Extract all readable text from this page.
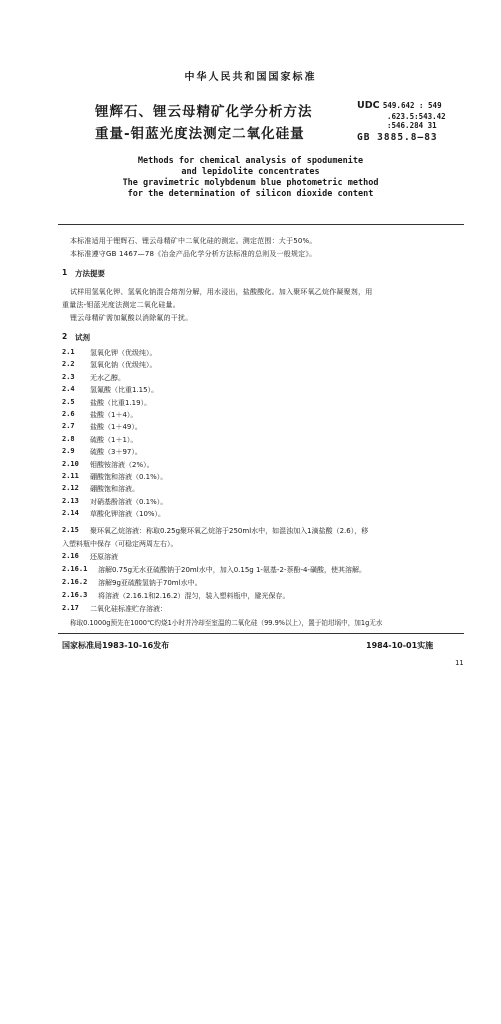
中华人民共和国国家标准
锂辉石、锂云母精矿化学分析方法
重量-钼蓝光度法测定二氧化硅量
UDC 549.642 : 549
.623.5:543.42
:546.284 31
GB 3885.8—83
Methods for chemical analysis of spodumenite
and lepidolite concentrates
The gravimetric molybdenum blue photometric method
for the determination of silicon dioxide content
本标准适用于锂辉石、锂云母精矿中二氧化硅的测定。测定范围：大于50%。
本标准遵守GB 1467—78《冶金产品化学分析方法标准的总则及一般规定》。
1 方法提要
试样用氢氧化钾、氢氧化钠混合熔剂分解，用水浸出，盐酸酸化。加入聚环氧乙烷作凝聚剂，用
重量法-钼蓝光度法测定二氧化硅量。
锂云母精矿需加氟酸以消除氟的干扰。
2 试剂
2.1 氢氧化钾（优级纯）。
2.2 氢氧化钠（优级纯）。
2.3 无水乙醇。
2.4 氢氟酸（比重1.15）。
2.5 盐酸（比重1.19）。
2.6 盐酸（1＋4）。
2.7 盐酸（1＋49）。
2.8 硫酸（1＋1）。
2.9 硫酸（3＋97）。
2.10 钼酸铵溶液（2%）。
2.11 硼酸饱和溶液（0.1%）。
2.12 硼酸饱和溶液。
2.13 对硝基酚溶液（0.1%）。
2.14 草酸化钾溶液（10%）。
2.15 聚环氧乙烷溶液：称取0.25g聚环氧乙烷溶于250ml水中，如混浊加入1滴盐酸（2.6），移
入塑料瓶中保存（可稳定两周左右）。
2.16 还原溶液
2.16.1 溶解0.75g无水亚硫酸钠于20ml水中，加入0.15g 1-氨基-2-萘酚-4-磺酸，使其溶解。
2.16.2 溶解9g亚硫酸氢钠于70ml水中。
2.16.3 将溶液（2.16.1和2.16.2）混匀，装入塑料瓶中，避光保存。
2.17 二氧化硅标准贮存溶液：
称取0.1000g预先在1000℃灼烧1小时并冷却至室温的二氧化硅（99.9%以上），置于铂坩埚中，加1g无水
国家标准局1983-10-16发布	1984-10-01实施
11
